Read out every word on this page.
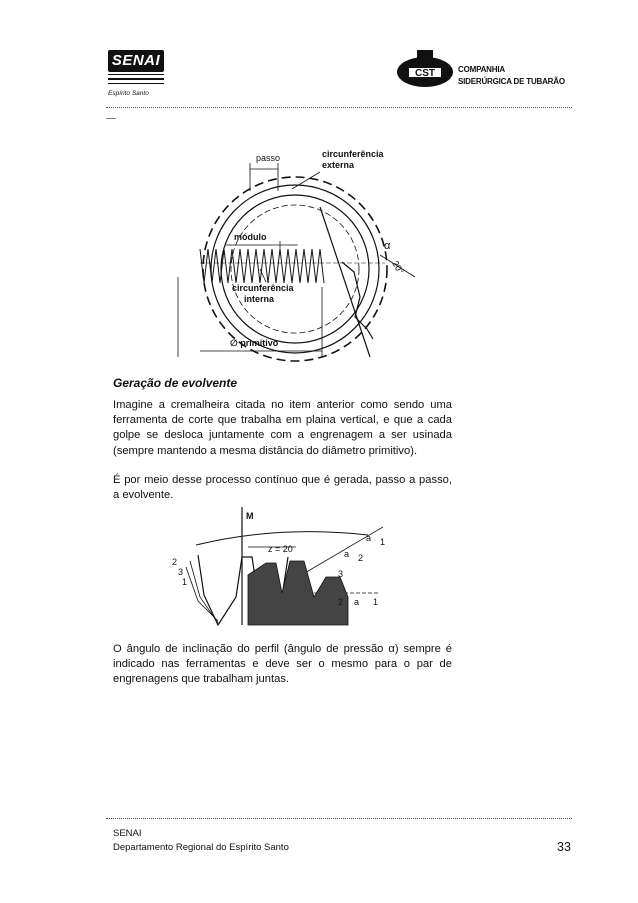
SENAI
Espírito Santo
CST	COMPANHIA
SIDERÚRGICA DE TUBARÃO
passo	circunferência
externa
módulo
circunferência
interna
∅ primitivo
α
20°
Geração de evolvente

Imagine a cremalheira citada no item anterior como sendo uma ferramenta de corte que trabalha em plaina vertical, e que a cada golpe se desloca juntamente com a engrenagem a ser usinada (sempre mantendo a mesma distância do diâmetro primitivo).

É por meio desse processo contínuo que é gerada, passo a passo, a evolvente.

M
z = 20
2
3
1
1
2
3
a
a
a
2	1

O ângulo de inclinação do perfil (ângulo de pressão α) sempre é indicado nas ferramentas e deve ser o mesmo para o par de engrenagens que trabalham juntas.

SENAI
Departamento Regional do Espírito Santo	33
